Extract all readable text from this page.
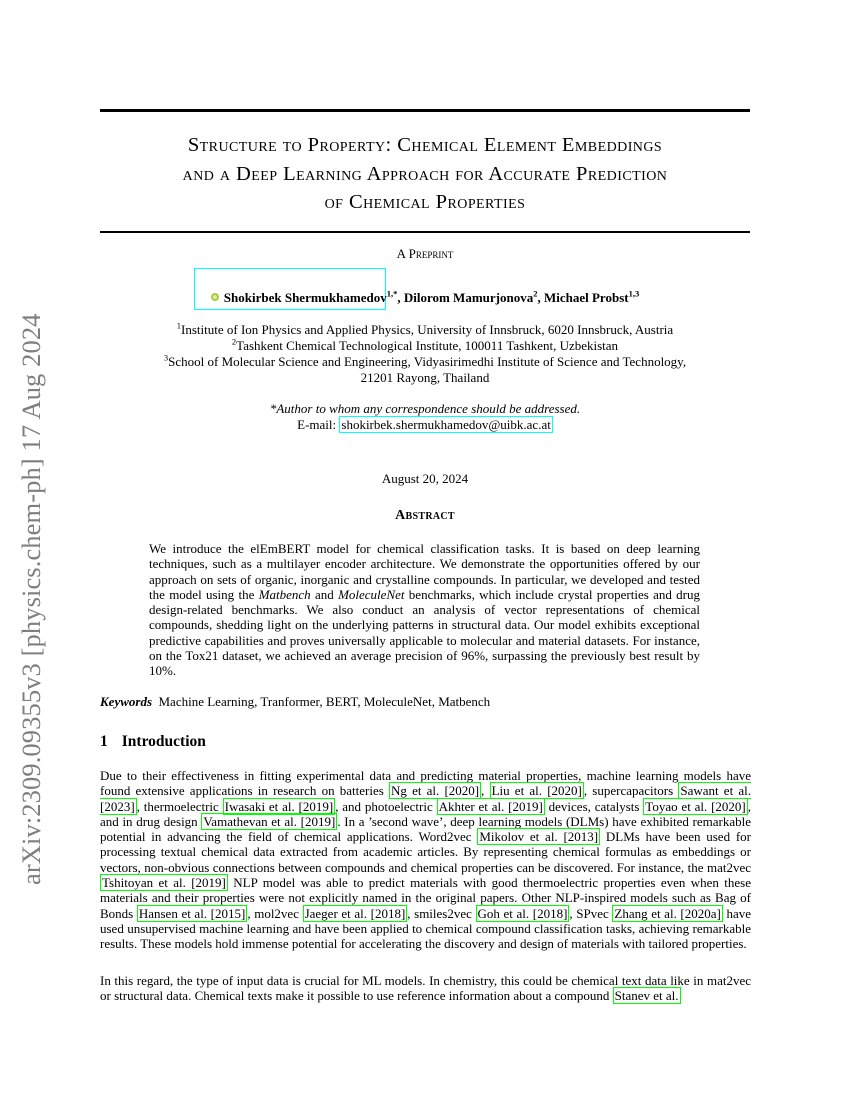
arXiv:2309.09355v3 [physics.chem-ph] 17 Aug 2024
Structure to Property: Chemical Element Embeddings
and a Deep Learning Approach for Accurate Prediction
of Chemical Properties
A Preprint
Shokirbek Shermukhamedov$^{1,*}$, Dilorom Mamurjonova$^2$, Michael Probst$^{1,3}$
$^1$Institute of Ion Physics and Applied Physics, University of Innsbruck, 6020 Innsbruck, Austria
$^2$Tashkent Chemical Technological Institute, 100011 Tashkent, Uzbekistan
$^3$School of Molecular Science and Engineering, Vidyasirimedhi Institute of Science and Technology,
21201 Rayong, Thailand
*Author to whom any correspondence should be addressed.
E-mail: shokirbek.shermukhamedov@uibk.ac.at
August 20, 2024
Abstract
We introduce the elEmBERT model for chemical classification tasks. It is based on deep learning techniques, such as a multilayer encoder architecture. We demonstrate the opportunities offered by our approach on sets of organic, inorganic and crystalline compounds. In particular, we developed and tested the model using the Matbench and MoleculeNet benchmarks, which include crystal properties and drug design-related benchmarks. We also conduct an analysis of vector representations of chemical compounds, shedding light on the underlying patterns in structural data. Our model exhibits exceptional predictive capabilities and proves universally applicable to molecular and material datasets. For instance, on the Tox21 dataset, we achieved an average precision of 96%, surpassing the previously best result by 10%.
Keywords Machine Learning, Tranformer, BERT, MoleculeNet, Matbench
1 Introduction
Due to their effectiveness in fitting experimental data and predicting material properties, machine learning models have found extensive applications in research on batteries Ng et al. [2020] , Liu et al. [2020] , supercapacitors Sawant et al. [2023] , thermoelectric Iwasaki et al. [2019] , and photoelectric Akhter et al. [2019] devices, catalysts Toyao et al. [2020] , and in drug design Vamathevan et al. [2019] . In a ’second wave’, deep learning models (DLMs) have exhibited remarkable potential in advancing the field of chemical applications. Word2vec Mikolov et al. [2013] DLMs have been used for processing textual chemical data extracted from academic articles. By representing chemical formulas as embeddings or vectors, non-obvious connections between compounds and chemical properties can be discovered. For instance, the mat2vec Tshitoyan et al. [2019] NLP model was able to predict materials with good thermoelectric properties even when these materials and their properties were not explicitly named in the original papers. Other NLP-inspired models such as Bag of Bonds Hansen et al. [2015] , mol2vec Jaeger et al. [2018] , smiles2vec Goh et al. [2018] , SPvec Zhang et al. [2020a] have used unsupervised machine learning and have been applied to chemical compound classification tasks, achieving remarkable results. These models hold immense potential for accelerating the discovery and design of materials with tailored properties.
In this regard, the type of input data is crucial for ML models. In chemistry, this could be chemical text data like in mat2vec or structural data. Chemical texts make it possible to use reference information about a compound Stanev et al.
